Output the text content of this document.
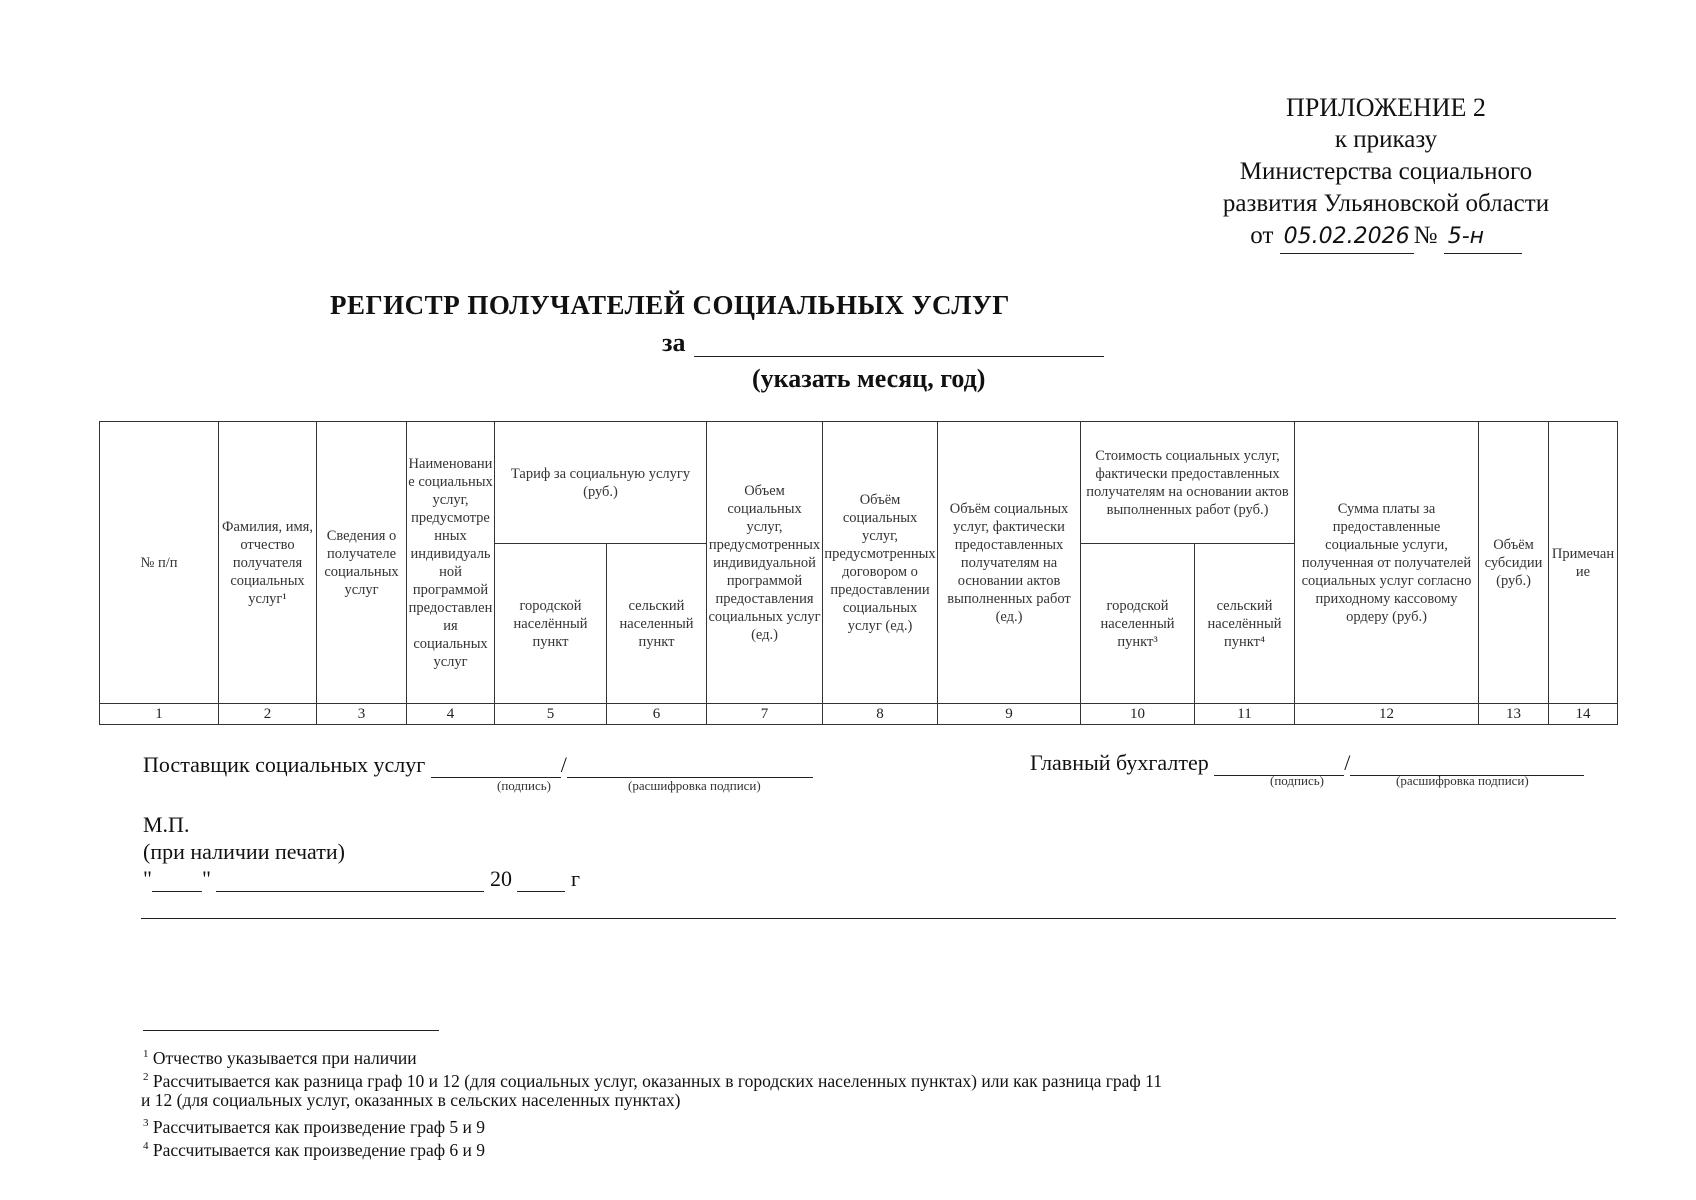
ПРИЛОЖЕНИЕ 2
к приказу
Министерства социального
развития Ульяновской области
от 05.02.2026 № 5-н
РЕГИСТР ПОЛУЧАТЕЛЕЙ СОЦИАЛЬНЫХ УСЛУГ
за
(указать месяц, год)
№ п/п	Фамилия, имя, отчество получателя социальных услуг¹	Сведения о получателе социальных услуг	Наименование социальных услуг, предусмотренных индивидуальной программой предоставления социальных услуг	Тариф за социальную услугу (руб.)		Объем социальных услуг, предусмотренных индивидуальной программой предоставления социальных услуг (ед.)	Объём социальных услуг, предусмотренных договором о предоставлении социальных услуг (ед.)	Объём социальных услуг, фактически предоставленных получателям на основании актов выполненных работ (ед.)	Стоимость социальных услуг, фактически предоставленных получателям на основании актов выполненных работ (руб.)		Сумма платы за предоставленные социальные услуги, полученная от получателей социальных услуг согласно приходному кассовому ордеру (руб.)	Объём субсидии (руб.)	Примечание
				городской населённый пункт	сельский населенный пункт				городской населенный пункт³	сельский населённый пункт⁴			
1	2	3	4	5	6	7	8	9	10	11	12	13	14
Поставщик социальных услуг	/
(подпись)	(расшифровка подписи)
Главный бухгалтер	/
(подпись)	(расшифровка подписи)
М.П.
(при наличии печати)
" "	20	г
$^1$ Отчество указывается при наличии
$^2$ Рассчитывается как разница граф 10 и 12 (для социальных услуг, оказанных в городских населенных пунктах) или как разница граф 11
и 12 (для социальных услуг, оказанных в сельских населенных пунктах)
$^3$ Рассчитывается как произведение граф 5 и 9
$^4$ Рассчитывается как произведение граф 6 и 9
